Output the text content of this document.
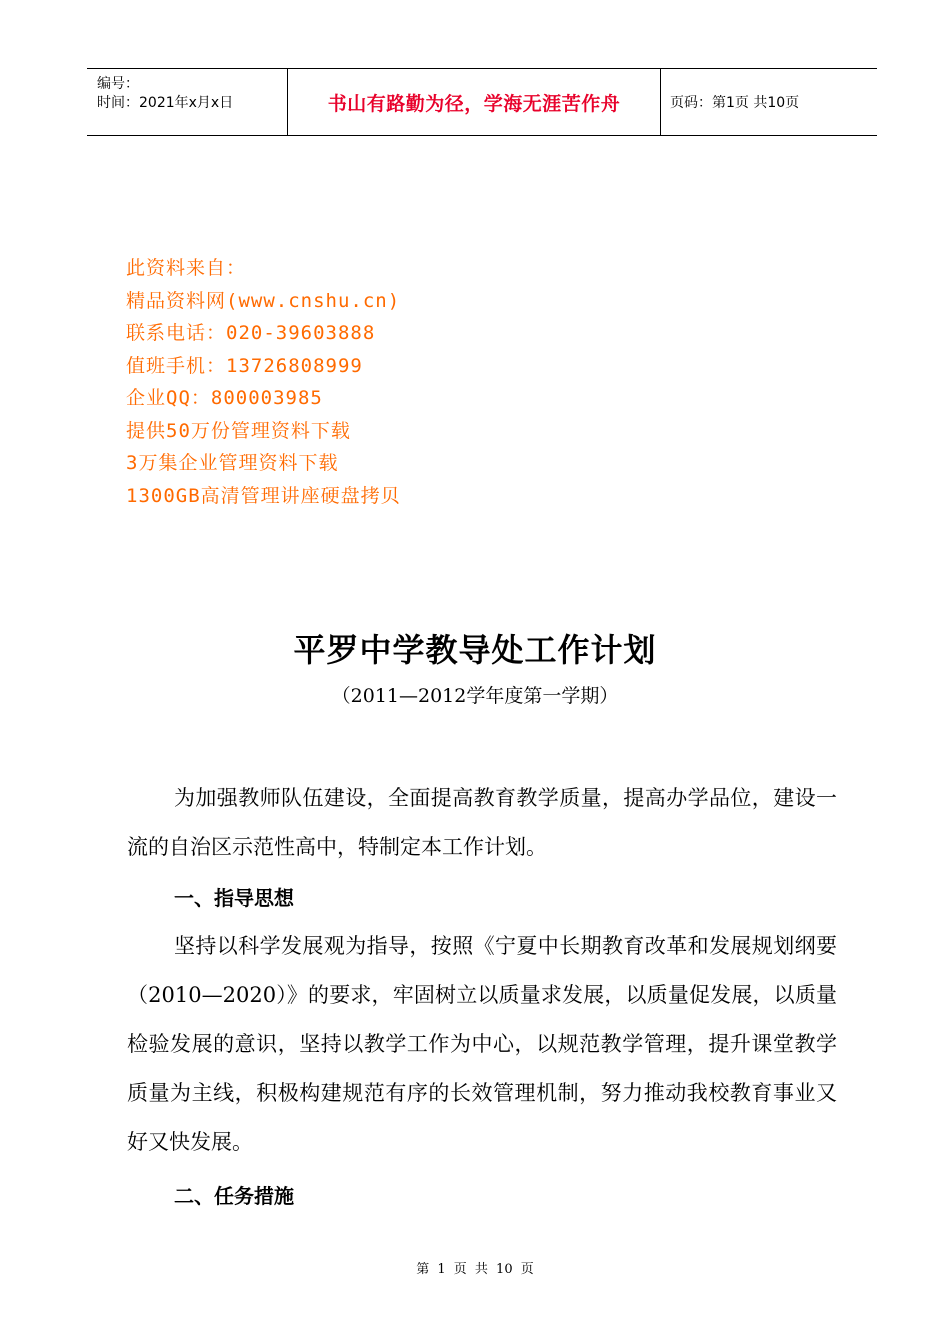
编号：
时间：2021年x月x日	书山有路勤为径，学海无涯苦作舟	页码：第1页 共10页
此资料来自：
精品资料网(www.cnshu.cn)
联系电话：020-39603888
值班手机：13726808999
企业QQ：800003985
提供50万份管理资料下载
3万集企业管理资料下载
1300GB高清管理讲座硬盘拷贝
平罗中学教导处工作计划
（2011—2012学年度第一学期）
为加强教师队伍建设，全面提高教育教学质量，提高办学品位，建设一流的自治区示范性高中，特制定本工作计划。
一、指导思想
坚持以科学发展观为指导，按照《宁夏中长期教育改革和发展规划纲要（2010—2020）》的要求，牢固树立以质量求发展，以质量促发展，以质量检验发展的意识，坚持以教学工作为中心，以规范教学管理，提升课堂教学质量为主线，积极构建规范有序的长效管理机制，努力推动我校教育事业又好又快发展。
二、任务措施
第 1 页 共 10 页
